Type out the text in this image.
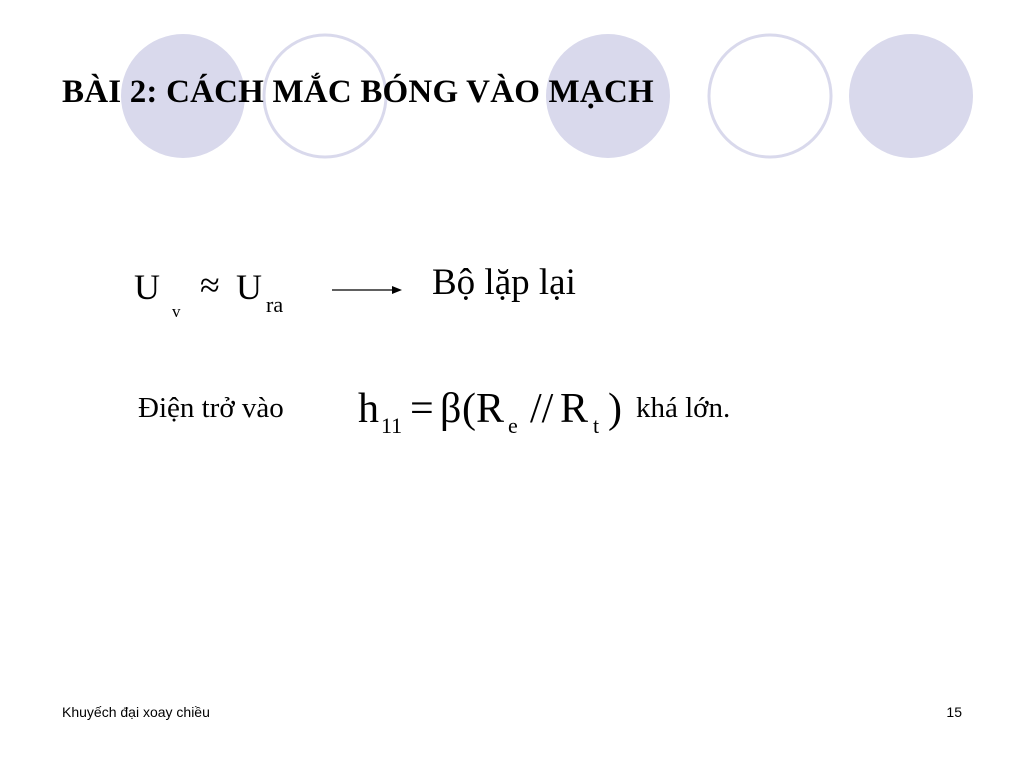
BÀI 2: CÁCH MẮC BÓNG VÀO MẠCH
U
v
≈ U ra
Bộ lặp lại
Điện trở vào h 11 = β ( R e // R t ) khá lớn.
Khuyếch đại xoay chiều	15
